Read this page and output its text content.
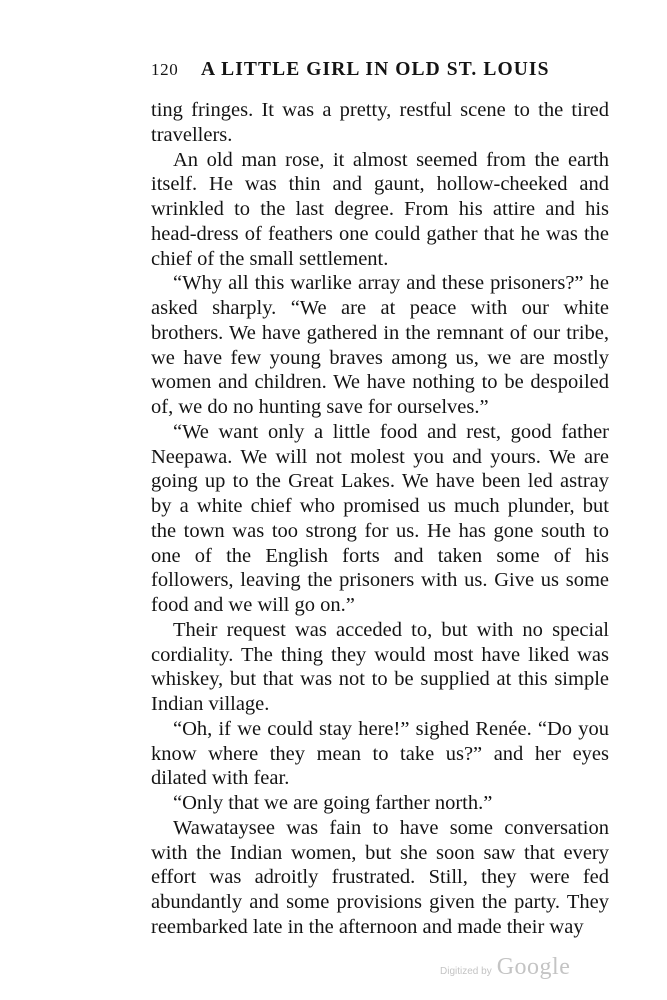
120	A LITTLE GIRL IN OLD ST. LOUIS

ting fringes. It was a pretty, restful scene to the tired travellers.

An old man rose, it almost seemed from the earth itself. He was thin and gaunt, hollow-cheeked and wrinkled to the last degree. From his attire and his head-dress of feathers one could gather that he was the chief of the small settlement.

“Why all this warlike array and these prisoners?” he asked sharply. “We are at peace with our white brothers. We have gathered in the remnant of our tribe, we have few young braves among us, we are mostly women and children. We have nothing to be despoiled of, we do no hunting save for ourselves.”

“We want only a little food and rest, good father Neepawa. We will not molest you and yours. We are going up to the Great Lakes. We have been led astray by a white chief who promised us much plunder, but the town was too strong for us. He has gone south to one of the English forts and taken some of his followers, leaving the prisoners with us. Give us some food and we will go on.”

Their request was acceded to, but with no special cordiality. The thing they would most have liked was whiskey, but that was not to be supplied at this simple Indian village.

“Oh, if we could stay here!” sighed Renée. “Do you know where they mean to take us?” and her eyes dilated with fear.

“Only that we are going farther north.”

Wawataysee was fain to have some conversation with the Indian women, but she soon saw that every effort was adroitly frustrated. Still, they were fed abundantly and some provisions given the party. They reembarked late in the afternoon and made their way

Digitized by Google
